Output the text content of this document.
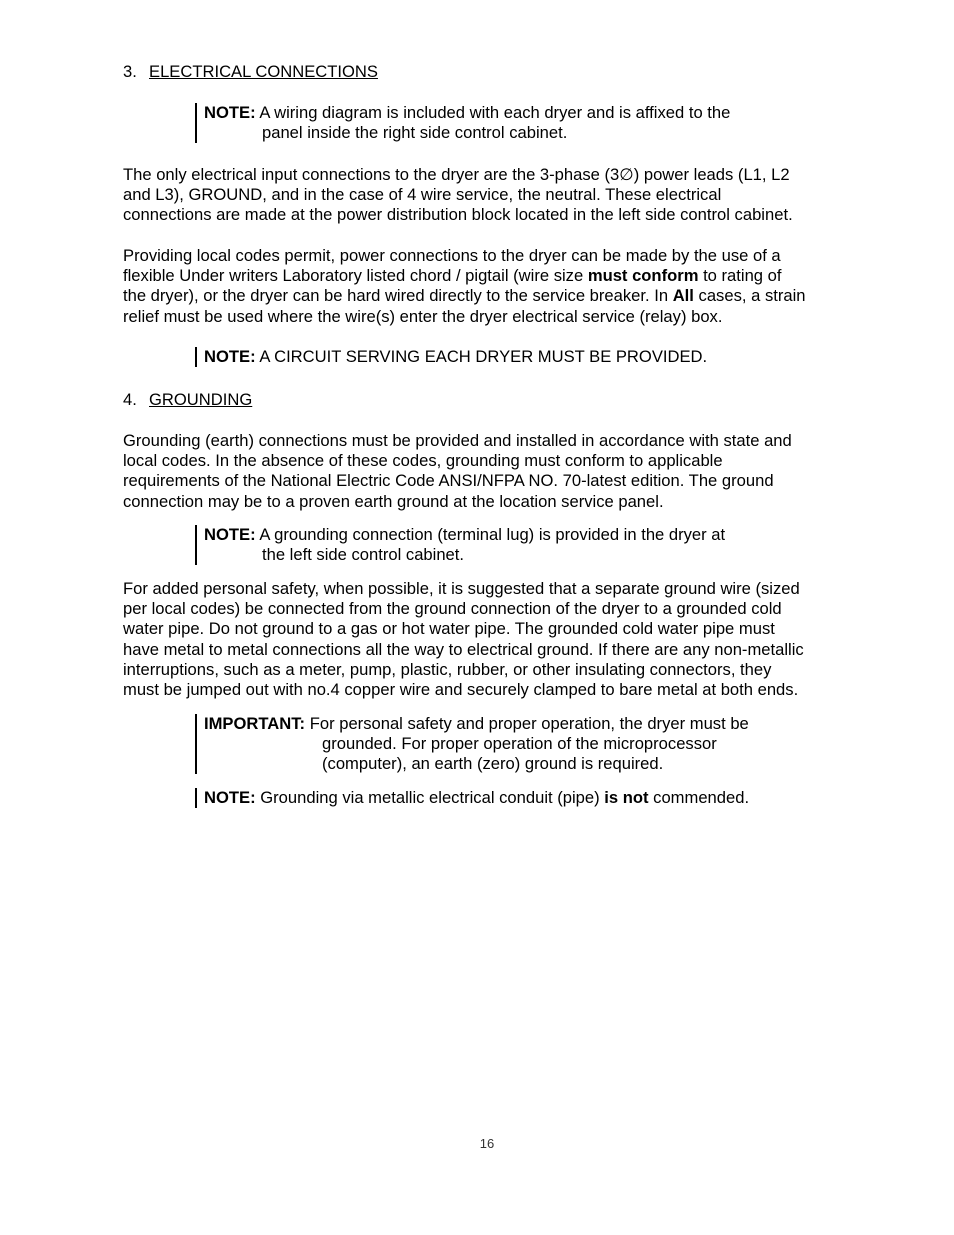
3. ELECTRICAL CONNECTIONS
NOTE: A wiring diagram is included with each dryer and is affixed to the
panel inside the right side control cabinet.

The only electrical input connections to the dryer are the 3-phase (3∅) power leads (L1, L2

and L3), GROUND, and in the case of 4 wire service, the neutral. These electrical

connections are made at the power distribution block located in the left side control cabinet.

Providing local codes permit, power connections to the dryer can be made by the use of a

flexible Under writers Laboratory listed chord / pigtail (wire size must conform to rating of

the dryer), or the dryer can be hard wired directly to the service breaker. In All cases, a strain

relief must be used where the wire(s) enter the dryer electrical service (relay) box.

NOTE: A CIRCUIT SERVING EACH DRYER MUST BE PROVIDED.
4. GROUNDING

Grounding (earth) connections must be provided and installed in accordance with state and

local codes. In the absence of these codes, grounding must conform to applicable

requirements of the National Electric Code ANSI/NFPA NO. 70-latest edition. The ground

connection may be to a proven earth ground at the location service panel.

NOTE: A grounding connection (terminal lug) is provided in the dryer at
the left side control cabinet.

For added personal safety, when possible, it is suggested that a separate ground wire (sized

per local codes) be connected from the ground connection of the dryer to a grounded cold

water pipe. Do not ground to a gas or hot water pipe. The grounded cold water pipe must

have metal to metal connections all the way to electrical ground. If there are any non-metallic

interruptions, such as a meter, pump, plastic, rubber, or other insulating connectors, they

must be jumped out with no.4 copper wire and securely clamped to bare metal at both ends.

IMPORTANT: For personal safety and proper operation, the dryer must be
grounded. For proper operation of the microprocessor
(computer), an earth (zero) ground is required.
NOTE: Grounding via metallic electrical conduit (pipe) is not commended.
16
